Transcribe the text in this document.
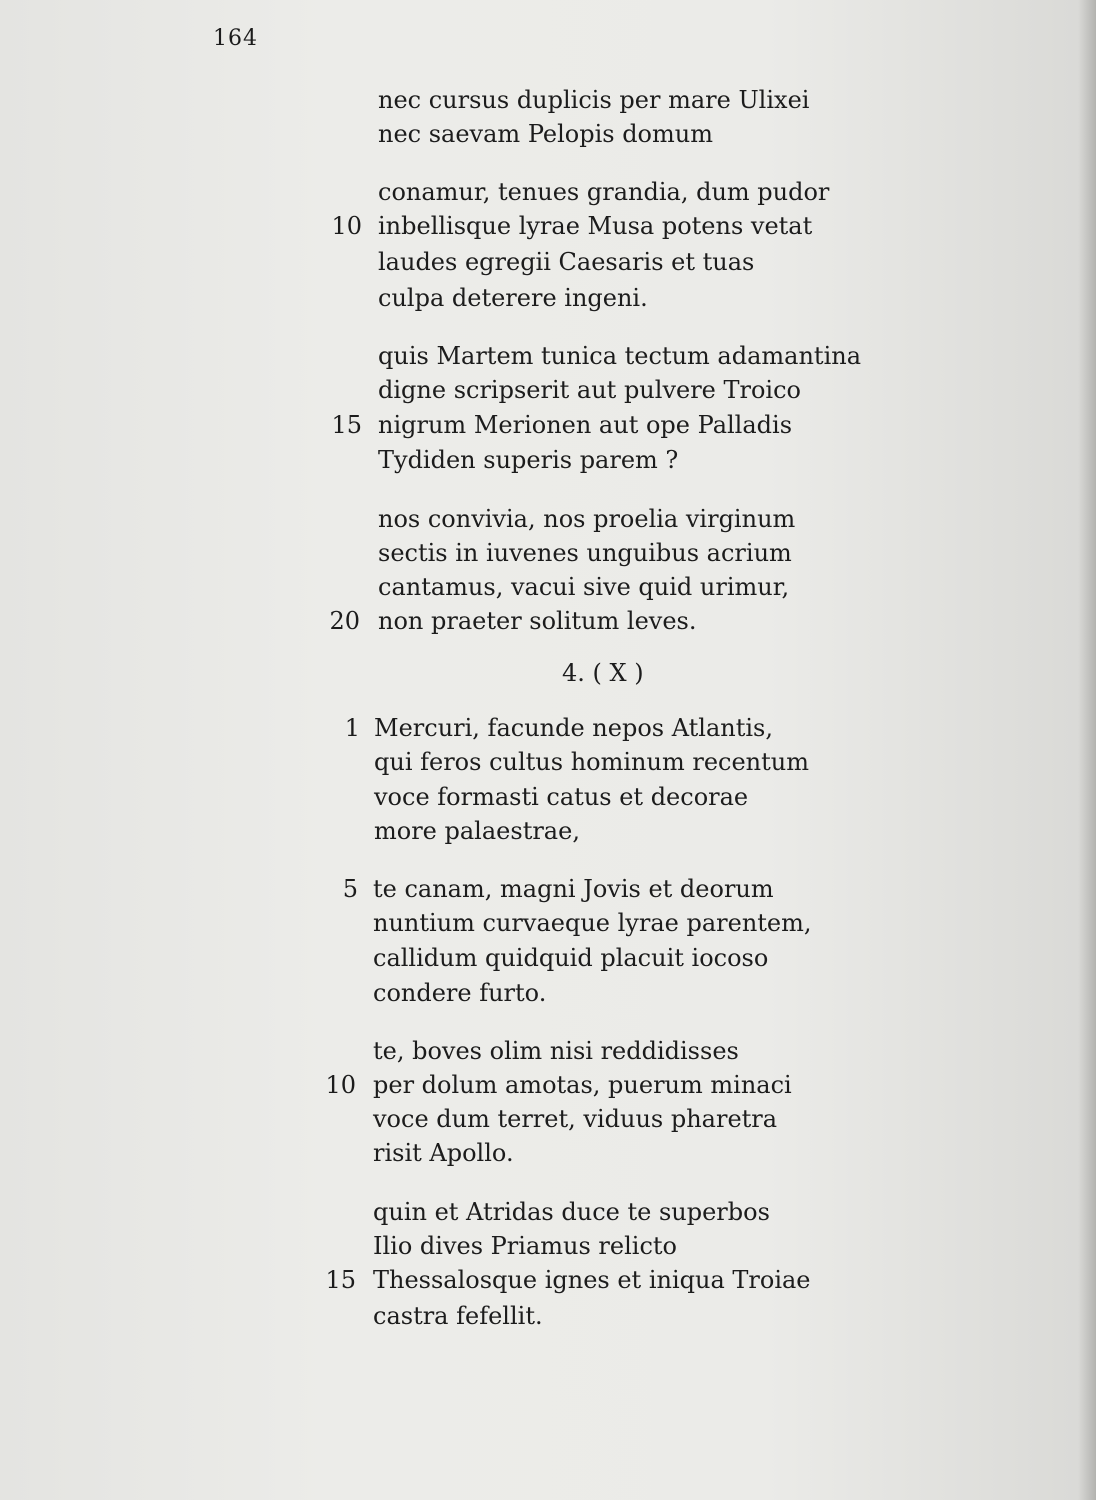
164
nec cursus duplicis per mare Ulixei
nec saevam Pelopis domum
conamur, tenues grandia, dum pudor
10 inbellisque lyrae Musa potens vetat
laudes egregii Caesaris et tuas
culpa deterere ingeni.
quis Martem tunica tectum adamantina
digne scripserit aut pulvere Troico
15 nigrum Merionen aut ope Palladis
Tydiden superis parem ?
nos convivia, nos proelia virginum
sectis in iuvenes unguibus acrium
cantamus, vacui sive quid urimur,
20 non praeter solitum leves.
4. ( X )
1 Mercuri, facunde nepos Atlantis,
qui feros cultus hominum recentum
voce formasti catus et decorae
more palaestrae,
5 te canam, magni Jovis et deorum
nuntium curvaeque lyrae parentem,
callidum quidquid placuit iocoso
condere furto.
te, boves olim nisi reddidisses
10 per dolum amotas, puerum minaci
voce dum terret, viduus pharetra
risit Apollo.
quin et Atridas duce te superbos
Ilio dives Priamus relicto
15 Thessalosque ignes et iniqua Troiae
castra fefellit.
